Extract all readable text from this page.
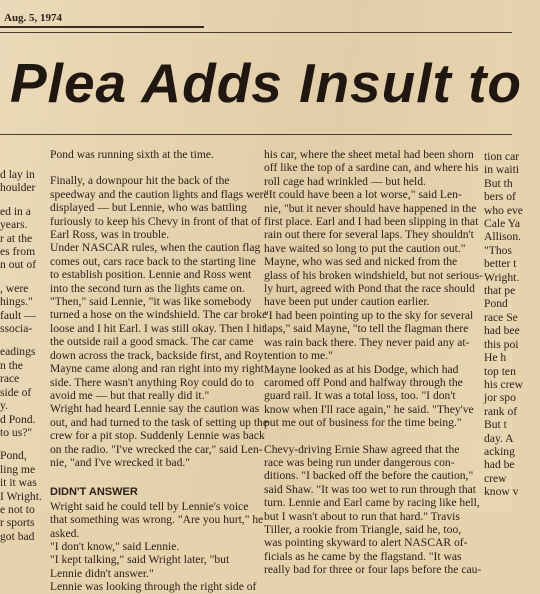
Aug. 5, 1974
Plea Adds Insult to

d lay in
houlder

ed in a
years.
r at the
es from
n out of

, were
hings."
fault —
ssocia-

eadings
n the
race
side of
y.
d Pond.
to us?"

Pond,
ling me
it it was
I Wright.
e not to
r sports
got bad

Pond was running sixth at the time.
Finally, a downpour hit the back of the
speedway and the caution lights and flags were
displayed — but Lennie, who was battling
furiously to keep his Chevy in front of that of
Earl Ross, was in trouble.
Under NASCAR rules, when the caution flag
comes out, cars race back to the starting line
to establish position. Lennie and Ross went
into the second turn as the lights came on.
"Then," said Lennie, "it was like somebody
turned a hose on the windshield. The car broke
loose and I hit Earl. I was still okay. Then I hit
the outside rail a good smack. The car came
down across the track, backside first, and Roy
Mayne came along and ran right into my right
side. There wasn't anything Roy could do to
avoid me — but that really did it."
Wright had heard Lennie say the caution was
out, and had turned to the task of setting up the
crew for a pit stop. Suddenly Lennie was back
on the radio. "I've wrecked the car," said Len-
nie, "and I've wrecked it bad."
DIDN'T ANSWER
Wright said he could tell by Lennie's voice
that something was wrong. "Are you hurt," he
asked.
"I don't know," said Lennie.
"I kept talking," said Wright later, "but
Lennie didn't answer."
Lennie was looking through the right side of
his car, where the sheet metal had been shorn
off like the top of a sardine can, and where his
roll cage had wrinkled — but held.
"It could have been a lot worse," said Len-
nie, "but it never should have happened in the
first place. Earl and I had been slipping in that
rain out there for several laps. They shouldn't
have waited so long to put the caution out."
Mayne, who was sed and nicked from the
glass of his broken windshield, but not serious-
ly hurt, agreed with Pond that the race should
have been put under caution earlier.
"I had been pointing up to the sky for several
laps," said Mayne, "to tell the flagman there
was rain back there. They never paid any at-
tention to me."
Mayne looked as at his Dodge, which had
caromed off Pond and halfway through the
guard rail. It was a total loss, too. "I don't
know when I'll race again," he said. "They've
put me out of business for the time being."
Chevy-driving Ernie Shaw agreed that the
race was being run under dangerous con-
ditions. "I backed off the before the caution,"
said Shaw. "It was too wet to run through that
turn. Lennie and Earl came by racing like hell,
but I wasn't about to run that hard." Travis
Tiller, a rookie from Triangle, said he, too,
was pointing skyward to alert NASCAR of-
ficials as he came by the flagstand. "It was
really bad for three or four laps before the cau-

tion car
in waiti

But th
bers of
who eve
Cale Ya
Allison.

"Thos
better t
Wright.
that pe

Pond
race Se
had bee
this poi

He h
top ten
his crew
jor spo
rank of

But t
day. A
acking
had be
crew
know v
